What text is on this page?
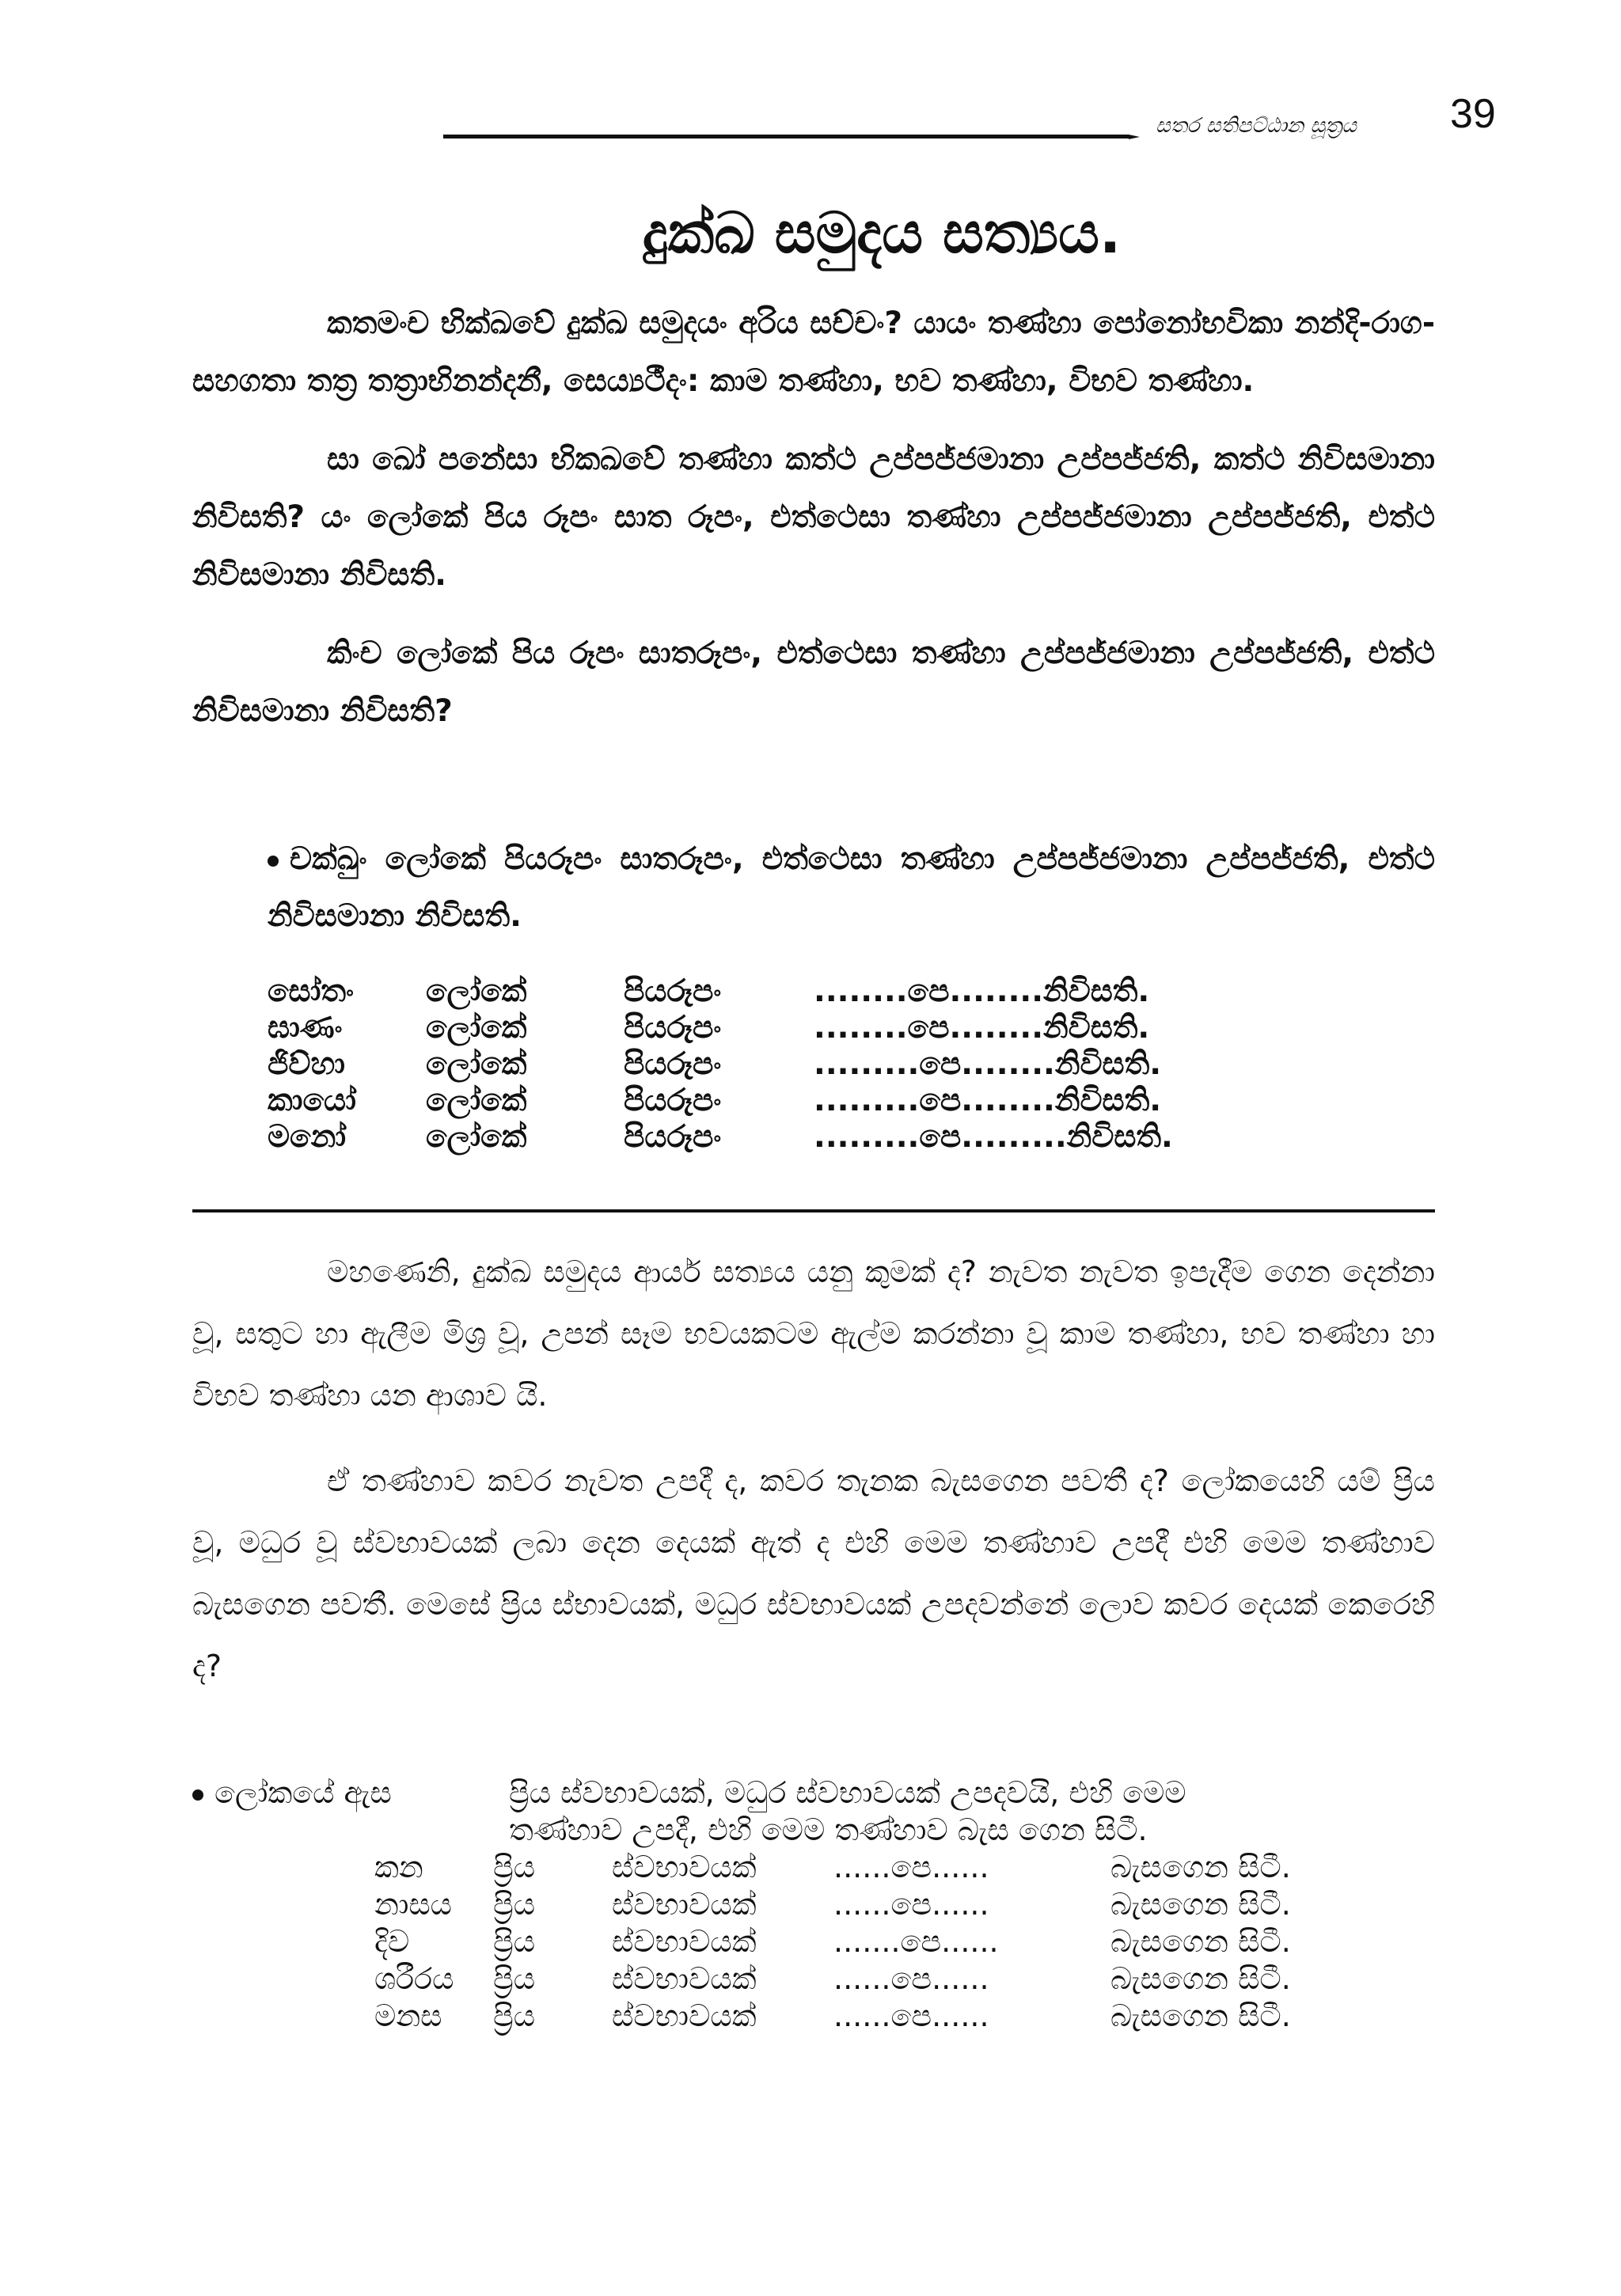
සතර සතිපට්ඨාන සූත්‍රය 39
දුක්ඛ සමුදය සත්‍යය.

කතමංච භික්ඛවේ දුක්ඛ සමුදයං අරිය සච්චං? යායං තණ්හා පෝනෝභවිකා නන්දි-රාග-සහගතා තත්‍ර තත්‍රාභිනන්දනී, සෙය්‍යථීදං: කාම තණ්හා, භව තණ්හා, විභව තණ්හා.

සා ඛෝ පනේසා භිකඛවේ තණ්හා කත්ථ උප්පජ්ජමානා උප්පජ්ජති, කත්ථ නිවිසමානා නිවිසති? යං ලෝකේ පිය රූපං සාත රූපං, එත්ථෙසා තණ්හා උප්පජ්ජමානා උප්පජ්ජති, එත්ථ නිවිසමානා නිවිසති.

කිංච ලෝකේ පිය රූපං සාතරූපං, එත්ථෙසා තණ්හා උප්පජ්ජමානා උප්පජ්ජති, එත්ථ නිවිසමානා නිවිසති?

චක්ඛුං ලෝකේ පියරූපං සාතරූපං, එත්ථෙසා තණ්හා උප්පජ්ජමානා උප්පජ්ජති, එත්ථ නිවිසමානා නිවිසති.
සෝතං	ලෝකේ	පියරූපං	........පෙ........නිවිසති.
ඝාණං	ලෝකේ	පියරූපං	........පෙ........නිවිසති.
ජිව්හා	ලෝකේ	පියරූපං	.........පෙ........නිවිසති.
කායෝ	ලෝකේ	පියරූපං	.........පෙ........නිවිසති.
මනෝ	ලෝකේ	පියරූපං	.........පෙ.........නිවිසති.

මහණෙනි, දුක්ඛ සමුදය ආර්ය සත්‍යය යනු කුමක් ද? නැවත නැවත ඉපැදීම ගෙන දෙන්නා වූ, සතුට හා ඇලීම මිශ්‍ර වූ, උපන් සෑම භවයකටම ඇල්ම කරන්නා වූ කාම තණ්හා, භව තණ්හා හා විභව තණ්හා යන ආශාව යි.

ඒ තණ්හාව කවර නැවත උපදී ද, කවර තැනක බැසගෙන පවතී ද? ලෝකයෙහි යම් ප්‍රිය වූ, මධුර වූ ස්වභාවයක් ලබා දෙන දෙයක් ඇත් ද එහි මෙම තණ්හාව උපදී එහි මෙම තණ්හාව බැසගෙන පවතී. මෙසේ ප්‍රිය ස්භාවයක්, මධුර ස්වභාවයක් උපදවන්නේ ලොව කවර දෙයක් කෙරෙහි ද?

ලෝකයේ ඇස	ප්‍රිය ස්වභාවයක්, මධුර ස්වභාවයක් උපදවයි, එහි මෙම
තණ්හාව උපදී, එහි මෙම තණ්හාව බැස ගෙන සිටී.
කන	ප්‍රිය	ස්වභාවයක්	......පෙ......	බැසගෙන සිටී.
නාසය	ප්‍රිය	ස්වභාවයක්	......පෙ......	බැසගෙන සිටී.
දිව	ප්‍රිය	ස්වභාවයක්	.......පෙ......	බැසගෙන සිටී.
ශරීරය	ප්‍රිය	ස්වභාවයක්	......පෙ......	බැසගෙන සිටී.
මනස	ප්‍රිය	ස්වභාවයක්	......පෙ......	බැසගෙන සිටී.
